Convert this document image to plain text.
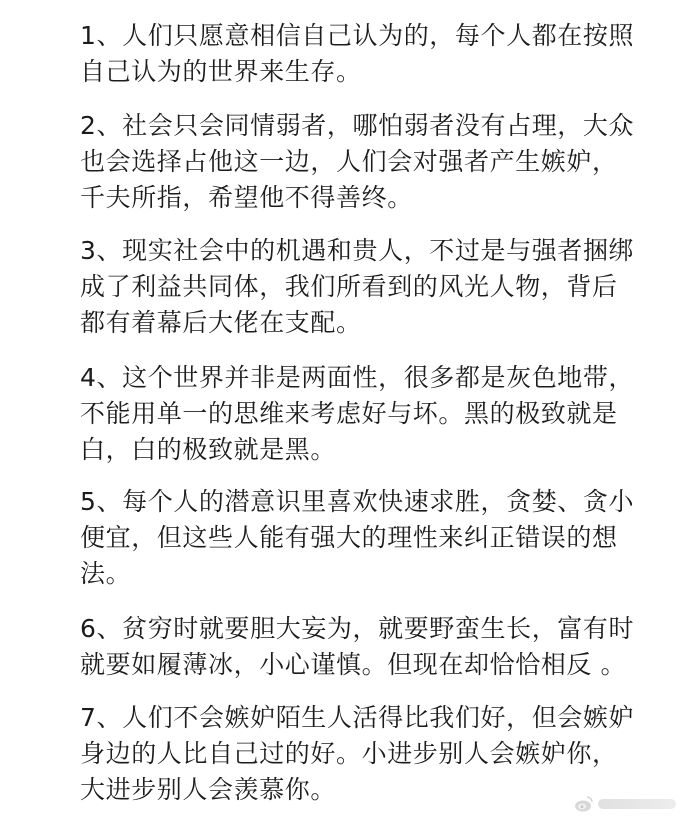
1、人们只愿意相信自己认为的，每个人都在按照
自己认为的世界来生存。
2、社会只会同情弱者，哪怕弱者没有占理，大众
也会选择占他这一边，人们会对强者产生嫉妒，
千夫所指，希望他不得善终。
3、现实社会中的机遇和贵人，不过是与强者捆绑
成了利益共同体，我们所看到的风光人物，背后
都有着幕后大佬在支配。
4、这个世界并非是两面性，很多都是灰色地带，
不能用单一的思维来考虑好与坏。黑的极致就是
白，白的极致就是黑。
5、每个人的潜意识里喜欢快速求胜，贪婪、贪小
便宜，但这些人能有强大的理性来纠正错误的想
法。
6、贫穷时就要胆大妄为，就要野蛮生长，富有时
就要如履薄冰，小心谨慎。但现在却恰恰相反 。
7、人们不会嫉妒陌生人活得比我们好，但会嫉妒
身边的人比自己过的好。小进步别人会嫉妒你，
大进步别人会羡慕你。
